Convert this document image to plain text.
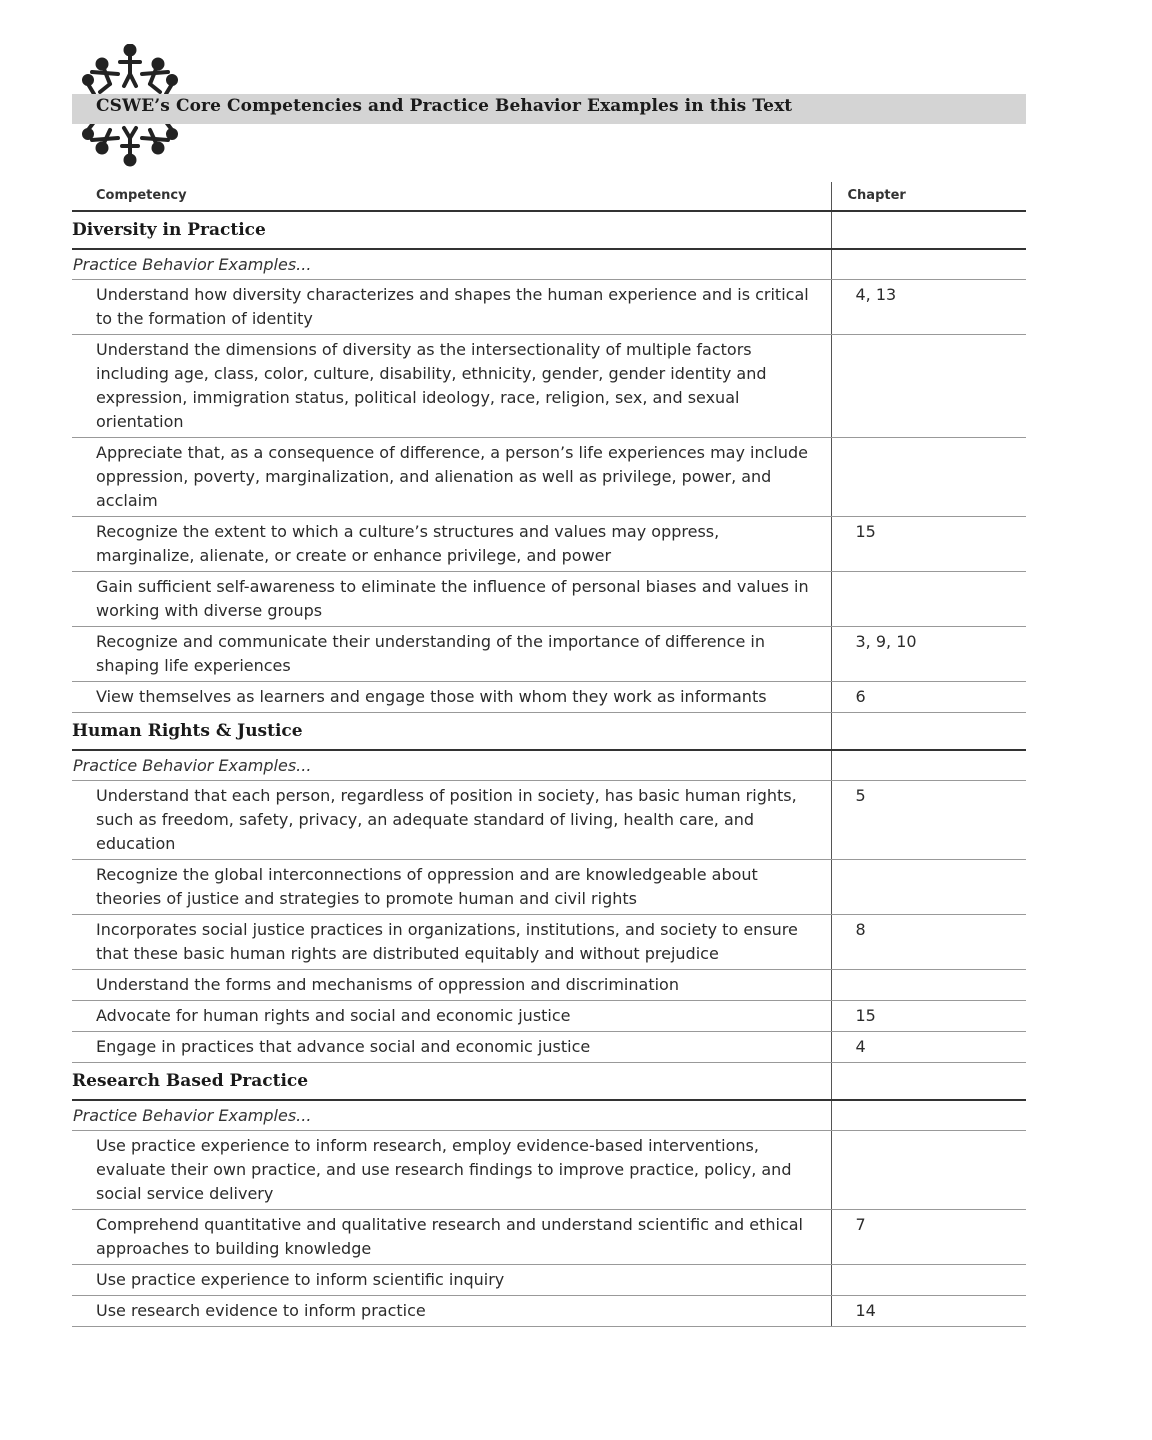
CSWE’s Core Competencies and Practice Behavior Examples in this Text
Competency	Chapter
Diversity in Practice	
Practice Behavior Examples...	
Understand how diversity characterizes and shapes the human experience and is critical to the formation of identity	4, 13
Understand the dimensions of diversity as the intersectionality of multiple factors including age, class, color, culture, disability, ethnicity, gender, gender identity and expression, immigration status, political ideology, race, religion, sex, and sexual orientation	
Appreciate that, as a consequence of difference, a person’s life experiences may include oppression, poverty, marginalization, and alienation as well as privilege, power, and acclaim	
Recognize the extent to which a culture’s structures and values may oppress, marginalize, alienate, or create or enhance privilege, and power	15
Gain sufficient self-awareness to eliminate the influence of personal biases and values in working with diverse groups	
Recognize and communicate their understanding of the importance of difference in shaping life experiences	3, 9, 10
View themselves as learners and engage those with whom they work as informants	6
Human Rights & Justice	
Practice Behavior Examples...	
Understand that each person, regardless of position in society, has basic human rights, such as freedom, safety, privacy, an adequate standard of living, health care, and education	5
Recognize the global interconnections of oppression and are knowledgeable about theories of justice and strategies to promote human and civil rights	
Incorporates social justice practices in organizations, institutions, and society to ensure that these basic human rights are distributed equitably and without prejudice	8
Understand the forms and mechanisms of oppression and discrimination	
Advocate for human rights and social and economic justice	15
Engage in practices that advance social and economic justice	4
Research Based Practice	
Practice Behavior Examples...	
Use practice experience to inform research, employ evidence-based interventions, evaluate their own practice, and use research findings to improve practice, policy, and social service delivery	
Comprehend quantitative and qualitative research and understand scientific and ethical approaches to building knowledge	7
Use practice experience to inform scientific inquiry	
Use research evidence to inform practice	14
